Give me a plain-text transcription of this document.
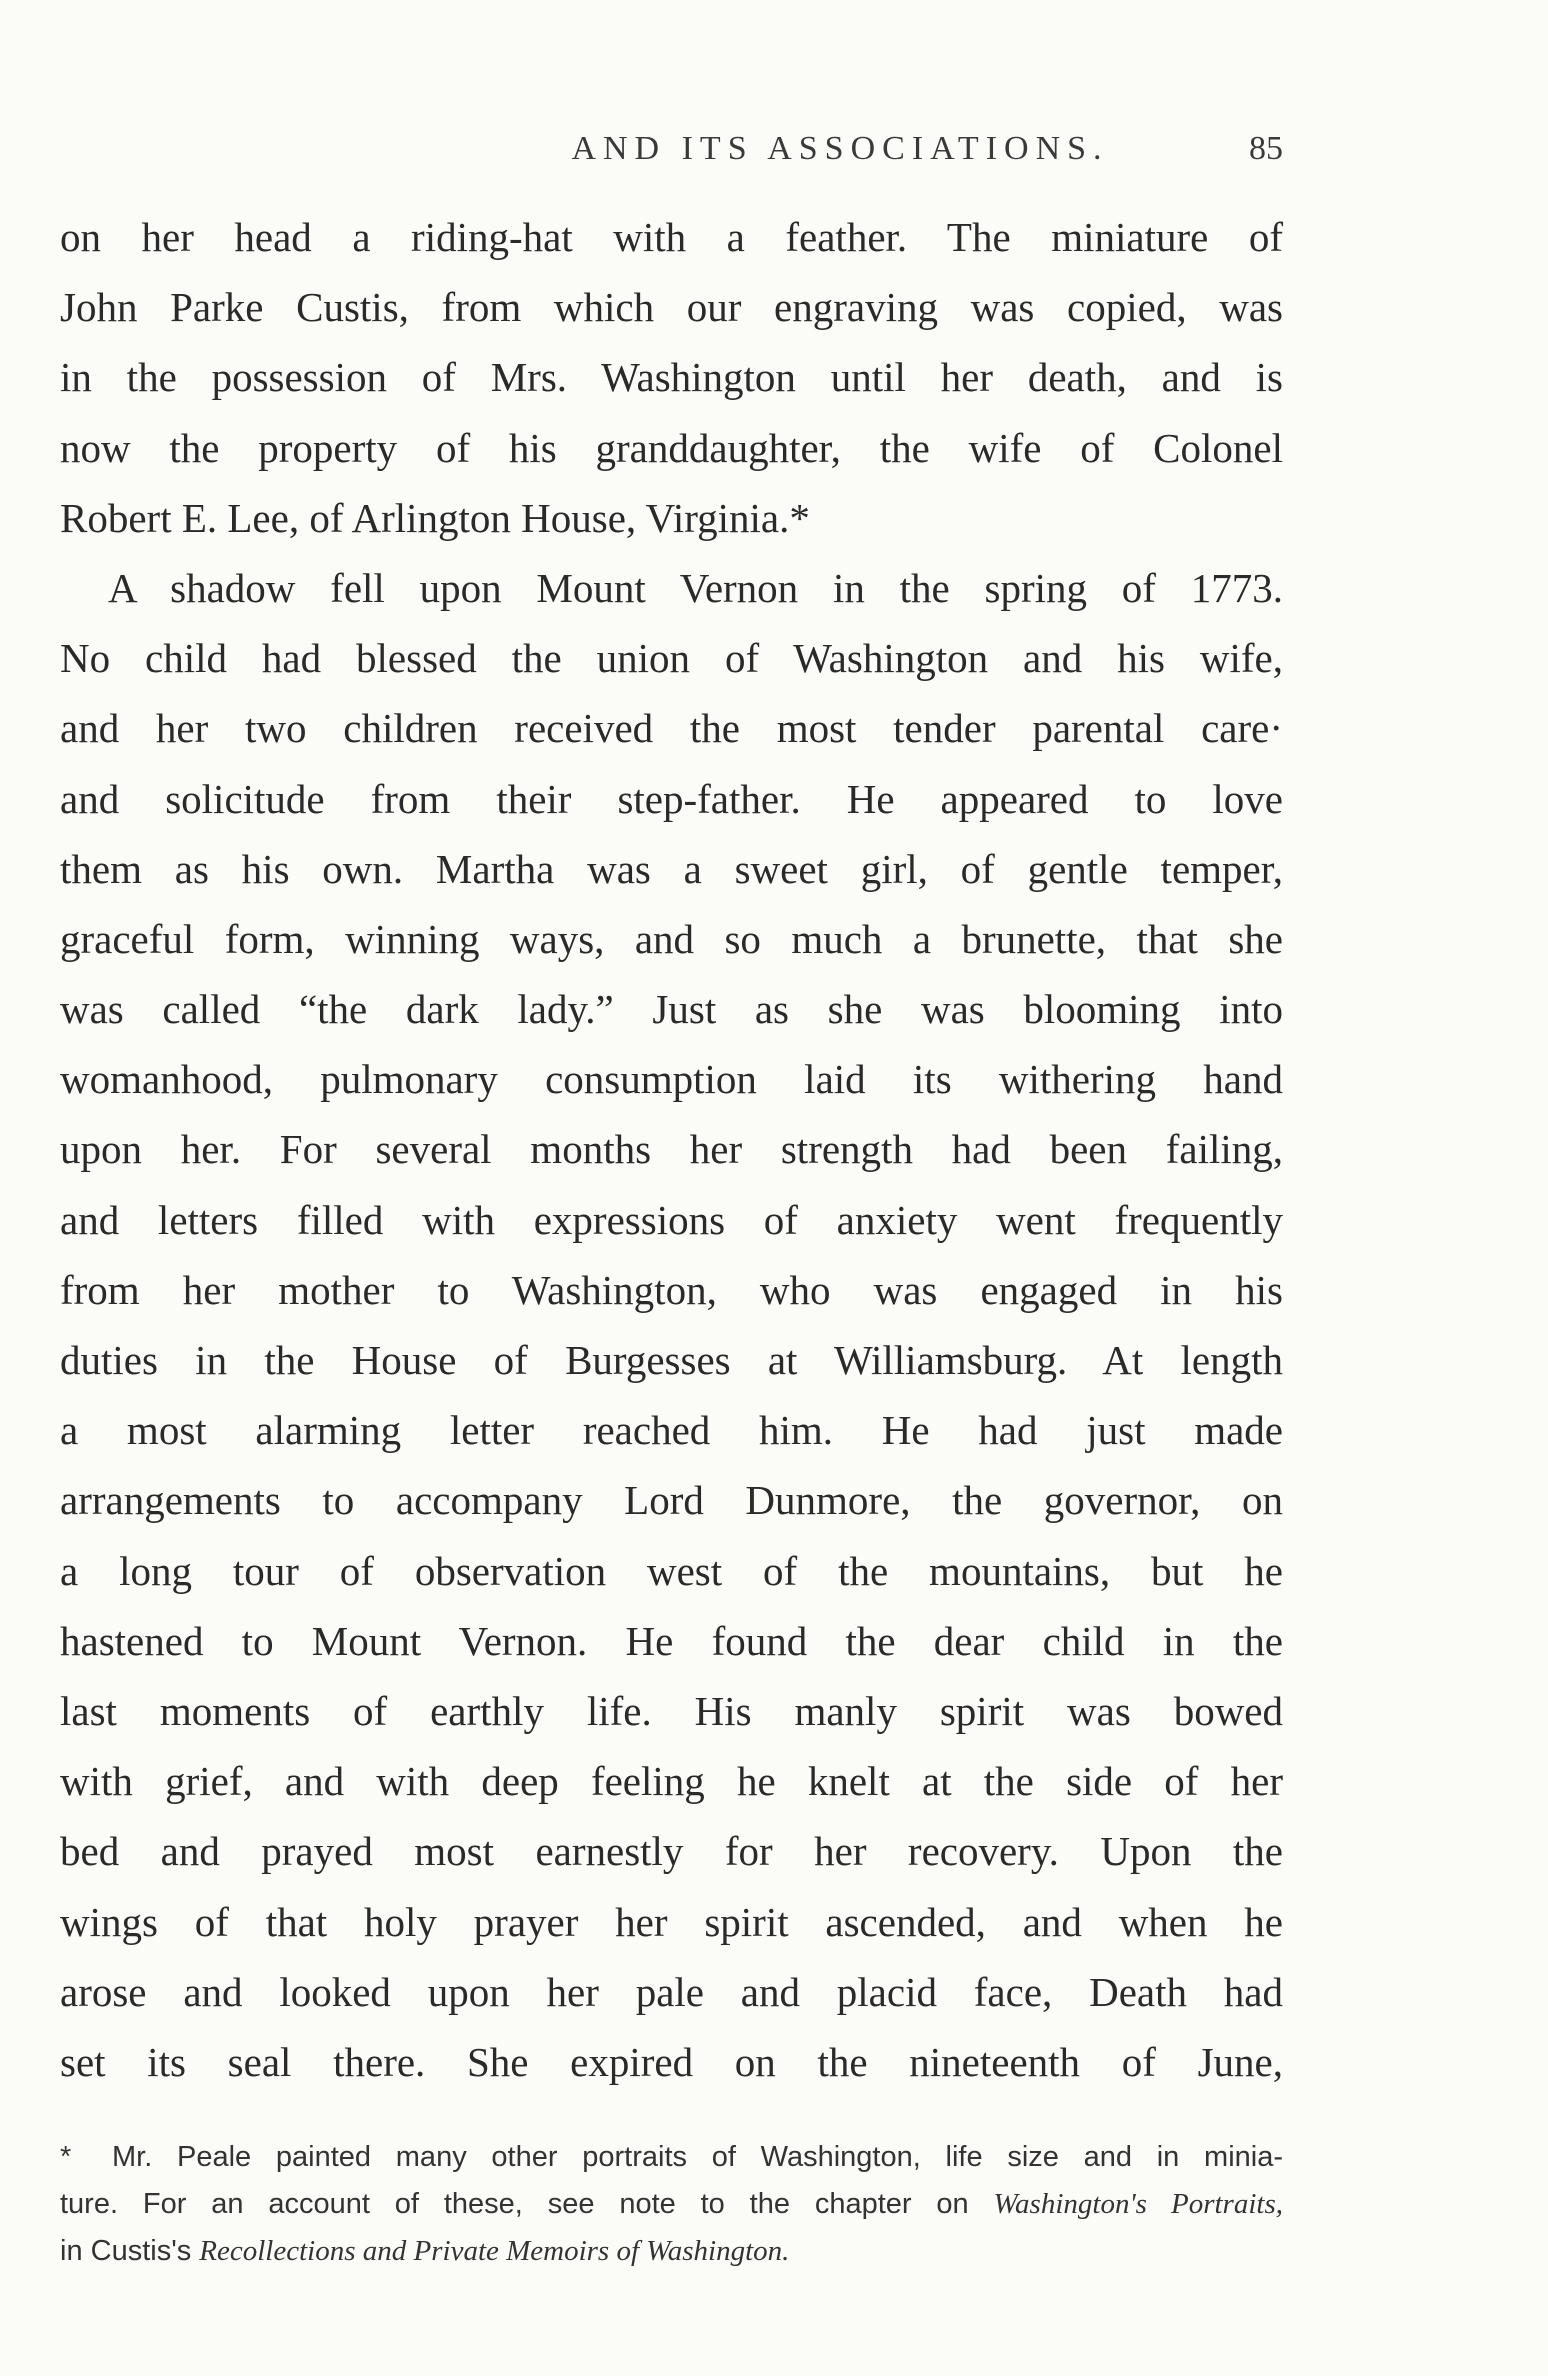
AND ITS ASSOCIATIONS.	85
on her head a riding-hat with a feather. The miniature of
John Parke Custis, from which our engraving was copied, was
in the possession of Mrs. Washington until her death, and is
now the property of his granddaughter, the wife of Colonel
Robert E. Lee, of Arlington House, Virginia.*
A shadow fell upon Mount Vernon in the spring of 1773.
No child had blessed the union of Washington and his wife,
and her two children received the most tender parental care·
and solicitude from their step-father. He appeared to love
them as his own. Martha was a sweet girl, of gentle temper,
graceful form, winning ways, and so much a brunette, that she
was called “the dark lady.” Just as she was blooming into
womanhood, pulmonary consumption laid its withering hand
upon her. For several months her strength had been failing,
and letters filled with expressions of anxiety went frequently
from her mother to Washington, who was engaged in his
duties in the House of Burgesses at Williamsburg. At length
a most alarming letter reached him. He had just made
arrangements to accompany Lord Dunmore, the governor, on
a long tour of observation west of the mountains, but he
hastened to Mount Vernon. He found the dear child in the
last moments of earthly life. His manly spirit was bowed
with grief, and with deep feeling he knelt at the side of her
bed and prayed most earnestly for her recovery. Upon the
wings of that holy prayer her spirit ascended, and when he
arose and looked upon her pale and placid face, Death had
set its seal there. She expired on the nineteenth of June,
* Mr. Peale painted many other portraits of Washington, life size and in minia-
ture. For an account of these, see note to the chapter on Washington's Portraits,
in Custis's Recollections and Private Memoirs of Washington.
